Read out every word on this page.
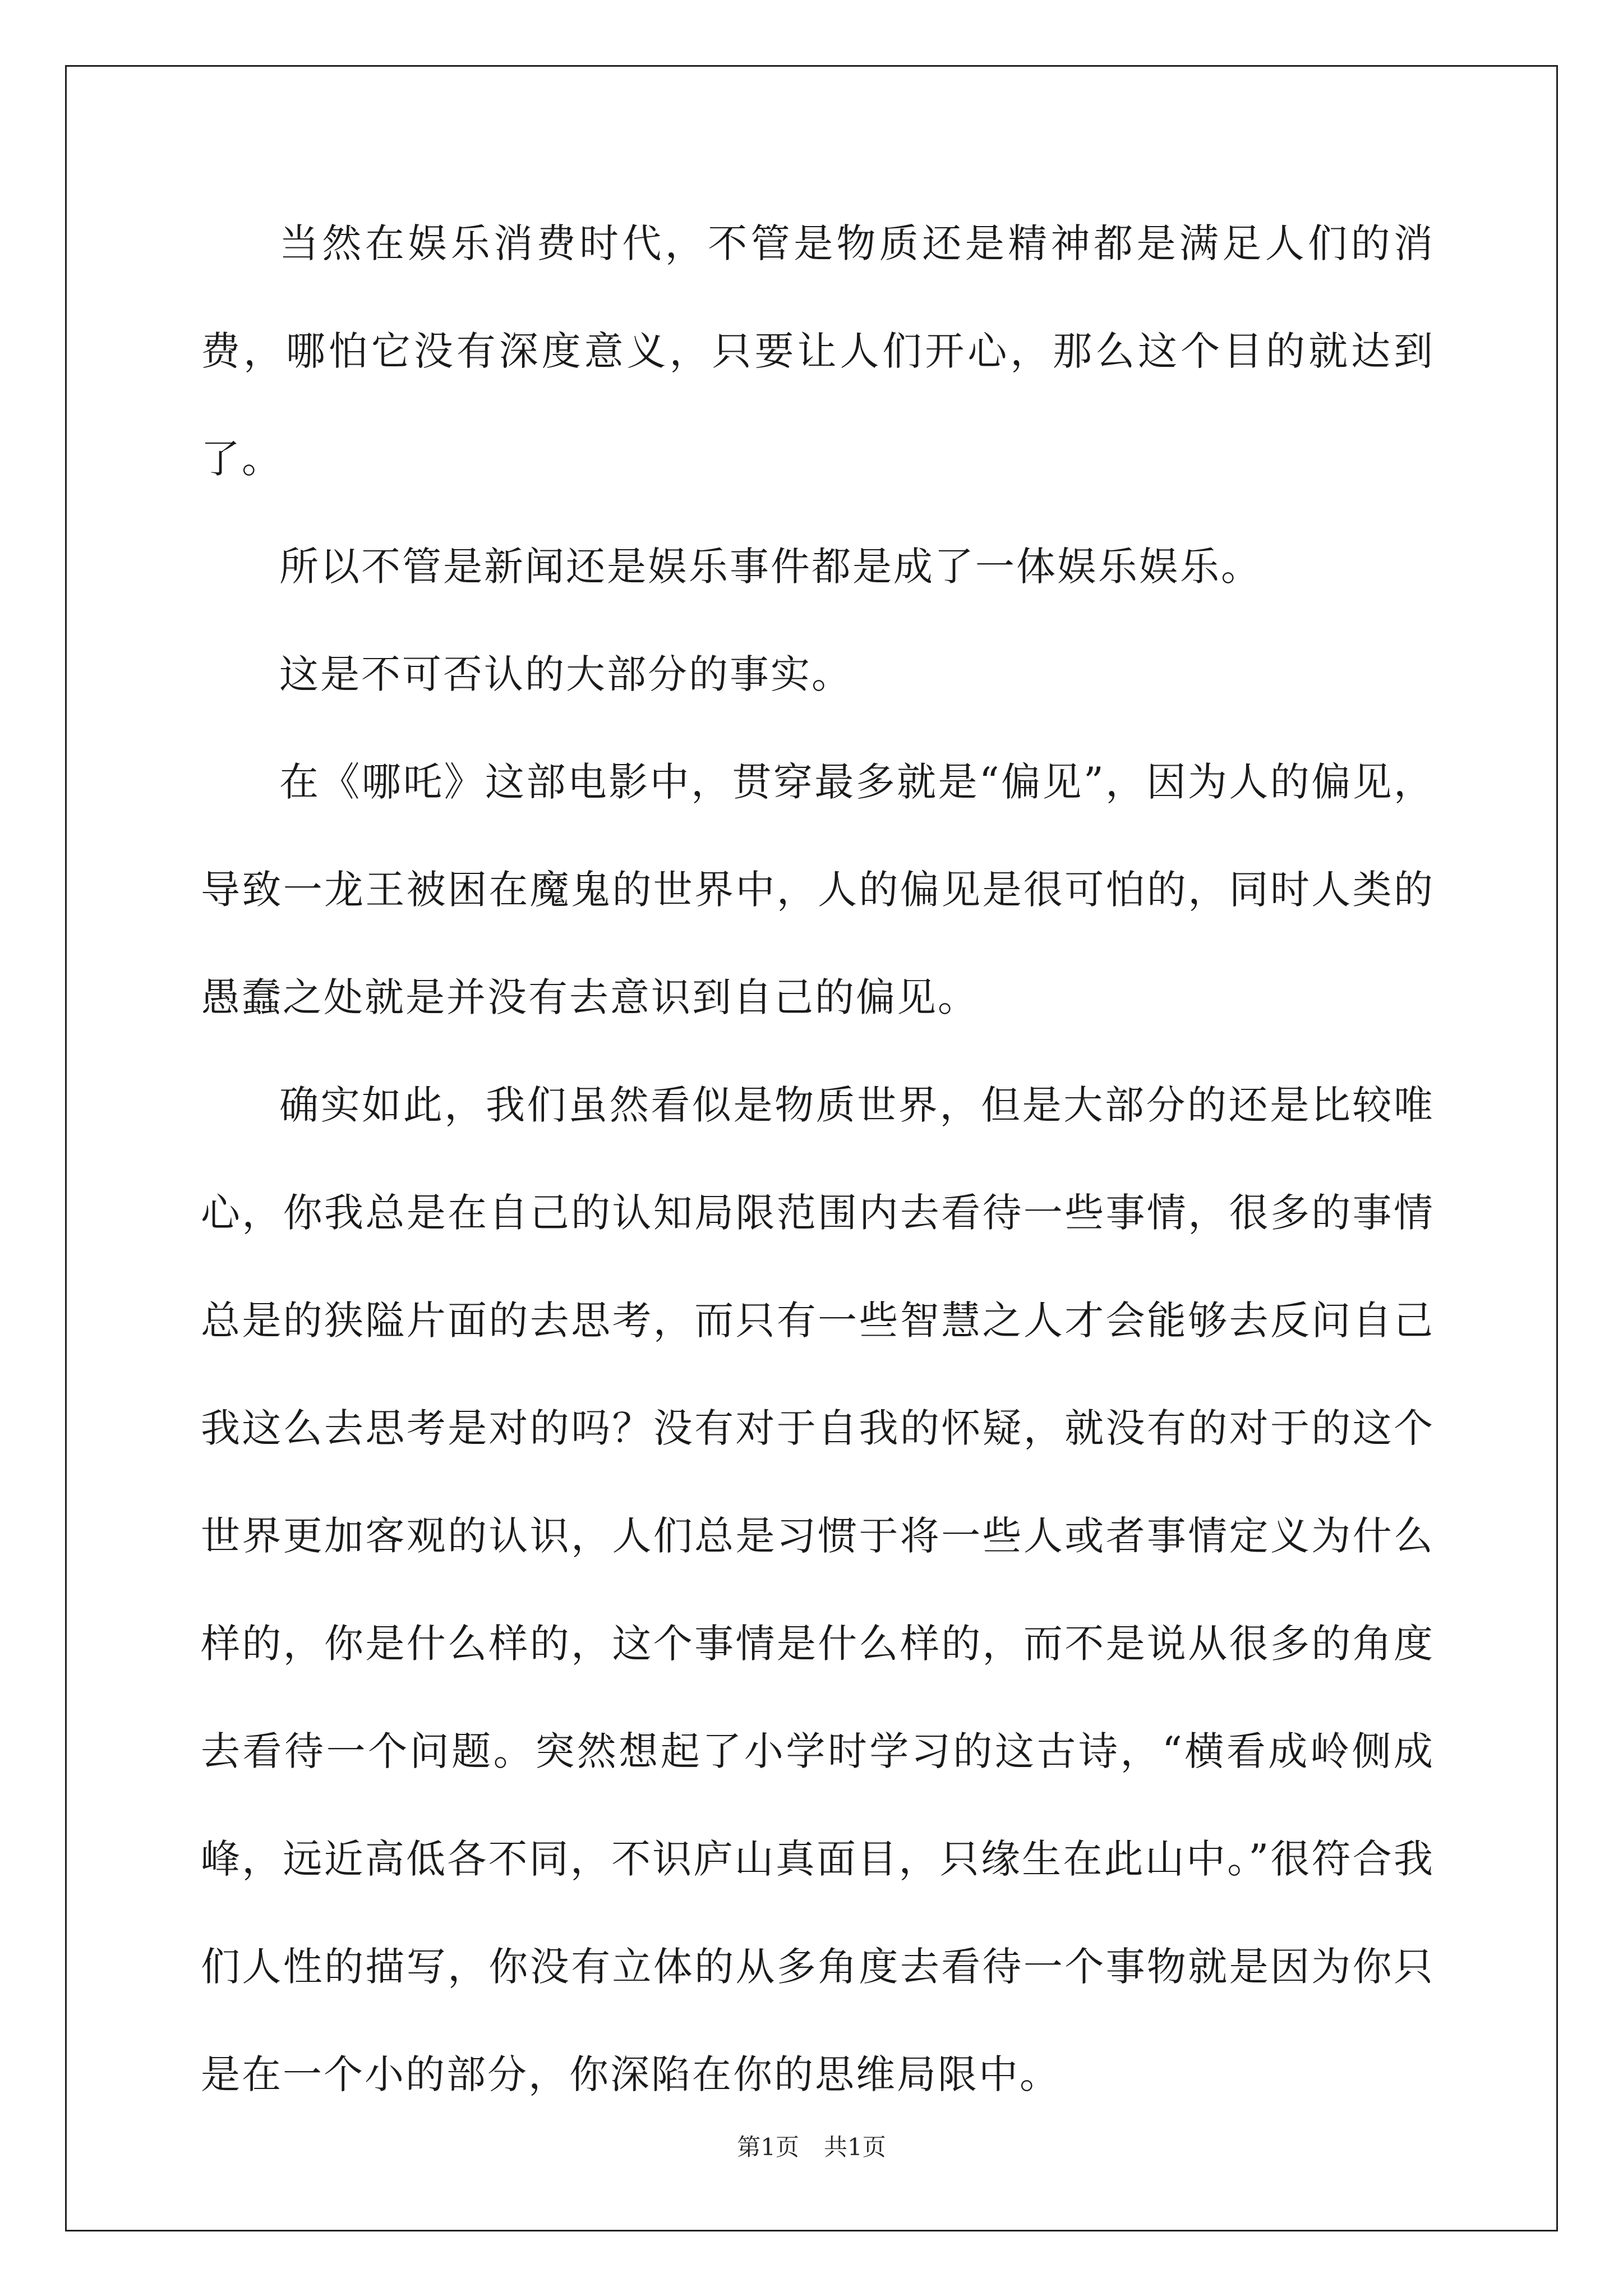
当然在娱乐消费时代，不管是物质还是精神都是满足人们的消费，哪怕它没有深度意义，只要让人们开心，那么这个目的就达到了。

所以不管是新闻还是娱乐事件都是成了一体娱乐娱乐。

这是不可否认的大部分的事实。

在《哪吒》这部电影中，贯穿最多就是“偏见”，因为人的偏见，导致一龙王被困在魔鬼的世界中，人的偏见是很可怕的，同时人类的愚蠢之处就是并没有去意识到自己的偏见。

确实如此，我们虽然看似是物质世界，但是大部分的还是比较唯心，你我总是在自己的认知局限范围内去看待一些事情，很多的事情总是的狭隘片面的去思考，而只有一些智慧之人才会能够去反问自己我这么去思考是对的吗？没有对于自我的怀疑，就没有的对于的这个世界更加客观的认识，人们总是习惯于将一些人或者事情定义为什么样的，你是什么样的，这个事情是什么样的，而不是说从很多的角度去看待一个问题。突然想起了小学时学习的这古诗，“横看成岭侧成峰，远近高低各不同，不识庐山真面目，只缘生在此山中。”很符合我们人性的描写，你没有立体的从多角度去看待一个事物就是因为你只是在一个小的部分，你深陷在你的思维局限中。

第1页 共1页
